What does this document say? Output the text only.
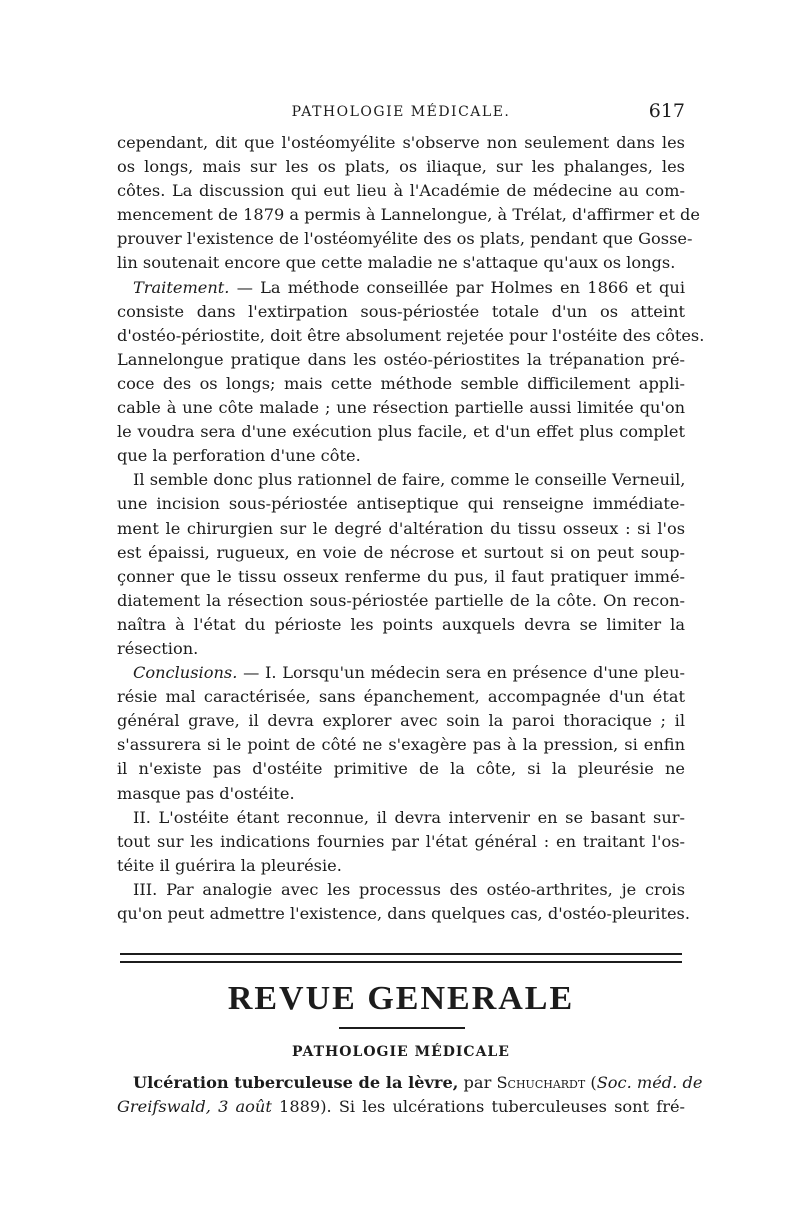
PATHOLOGIE MÉDICALE.	617

cependant, dit que l'ostéomyélite s'observe non seulement dans les
os longs, mais sur les os plats, os iliaque, sur les phalanges, les
côtes. La discussion qui eut lieu à l'Académie de médecine au com-
mencement de 1879 a permis à Lannelongue, à Trélat, d'affirmer et de
prouver l'existence de l'ostéomyélite des os plats, pendant que Gosse-
lin soutenait encore que cette maladie ne s'attaque qu'aux os longs.

Traitement. — La méthode conseillée par Holmes en 1866 et qui
consiste dans l'extirpation sous-périostée totale d'un os atteint
d'ostéo-périostite, doit être absolument rejetée pour l'ostéite des côtes.
Lannelongue pratique dans les ostéo-périostites la trépanation pré-
coce des os longs; mais cette méthode semble difficilement appli-
cable à une côte malade ; une résection partielle aussi limitée qu'on
le voudra sera d'une exécution plus facile, et d'un effet plus complet
que la perforation d'une côte.

Il semble donc plus rationnel de faire, comme le conseille Verneuil,
une incision sous-périostée antiseptique qui renseigne immédiate-
ment le chirurgien sur le degré d'altération du tissu osseux : si l'os
est épaissi, rugueux, en voie de nécrose et surtout si on peut soup-
çonner que le tissu osseux renferme du pus, il faut pratiquer immé-
diatement la résection sous-périostée partielle de la côte. On recon-
naîtra à l'état du périoste les points auxquels devra se limiter la
résection.

Conclusions. — I. Lorsqu'un médecin sera en présence d'une pleu-
résie mal caractérisée, sans épanchement, accompagnée d'un état
général grave, il devra explorer avec soin la paroi thoracique ; il
s'assurera si le point de côté ne s'exagère pas à la pression, si enfin
il n'existe pas d'ostéite primitive de la côte, si la pleurésie ne
masque pas d'ostéite.

II. L'ostéite étant reconnue, il devra intervenir en se basant sur-
tout sur les indications fournies par l'état général : en traitant l'os-
téite il guérira la pleurésie.

III. Par analogie avec les processus des ostéo-arthrites, je crois
qu'on peut admettre l'existence, dans quelques cas, d'ostéo-pleurites.

REVUE GENERALE
PATHOLOGIE MÉDICALE
Ulcération tuberculeuse de la lèvre, par Schuchardt (Soc. méd. de
Greifswald, 3 août 1889). Si les ulcérations tuberculeuses sont fré-
